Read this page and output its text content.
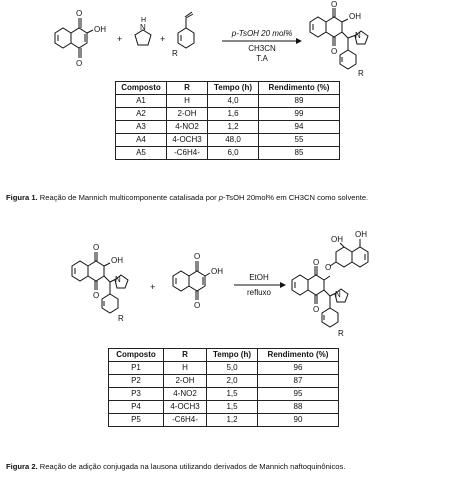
O
O
OH
+
H
N
+
R
p-TsOH 20 mol%
CH3CN
T.A
O
OH
O
N
R
Composto	R	Tempo (h)	Rendimento (%)
A1	H	4,0	89
A2	2-OH	1,6	99
A3	4-NO2	1,2	94
A4	4-OCH3	48,0	55
A5	-C6H4-	6,0	85
Figura 1. Reação de Mannich multicomponente catalisada por p-TsOH 20mol% em CH3CN como solvente.
+
EtOH
refluxo
OH
OH
O
O
O
N
R
O
OH
O
N
R
O
OH
O
Composto	R	Tempo (h)	Rendimento (%)
P1	H	5,0	96
P2	2-OH	2,0	87
P3	4-NO2	1,5	95
P4	4-OCH3	1,5	88
P5	-C6H4-	1,2	90
Figura 2. Reação de adição conjugada na lausona utilizando derivados de Mannich naftoquinônicos.
